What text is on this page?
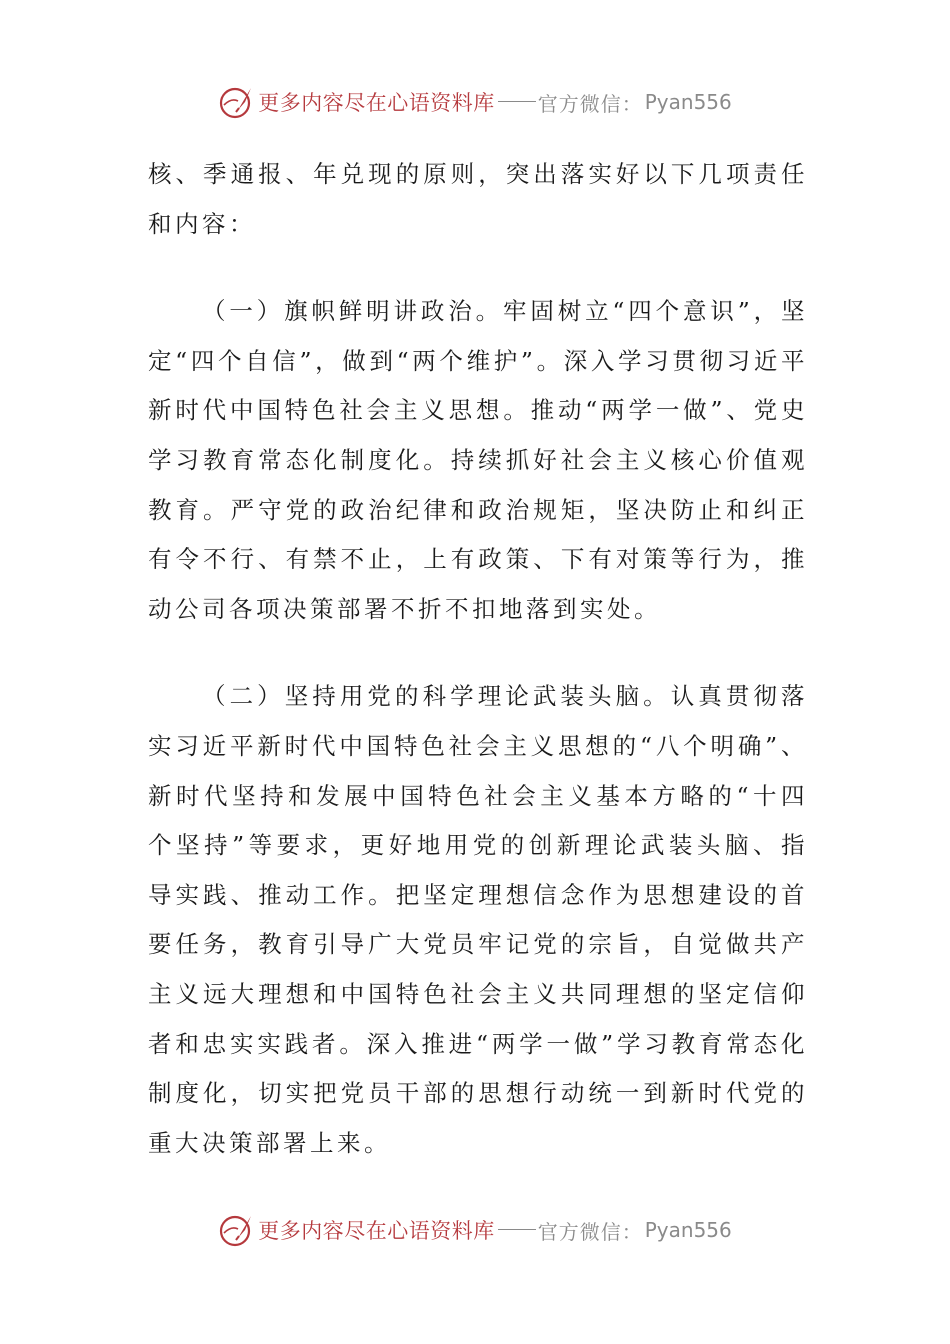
更多内容尽在心语资料库 官方微信： Pyan556

核、季通报、年兑现的原则，突出落实好以下几项责任和内容：

（一）旗帜鲜明讲政治。牢固树立“四个意识”，坚定“四个自信”，做到“两个维护”。深入学习贯彻习近平新时代中国特色社会主义思想。推动“两学一做”、党史学习教育常态化制度化。持续抓好社会主义核心价值观教育。严守党的政治纪律和政治规矩，坚决防止和纠正有令不行、有禁不止，上有政策、下有对策等行为，推动公司各项决策部署不折不扣地落到实处。

（二）坚持用党的科学理论武装头脑。认真贯彻落实习近平新时代中国特色社会主义思想的“八个明确”、新时代坚持和发展中国特色社会主义基本方略的“十四个坚持”等要求，更好地用党的创新理论武装头脑、指导实践、推动工作。把坚定理想信念作为思想建设的首要任务，教育引导广大党员牢记党的宗旨，自觉做共产主义远大理想和中国特色社会主义共同理想的坚定信仰者和忠实实践者。深入推进“两学一做”学习教育常态化制度化，切实把党员干部的思想行动统一到新时代党的重大决策部署上来。

更多内容尽在心语资料库 官方微信： Pyan556
